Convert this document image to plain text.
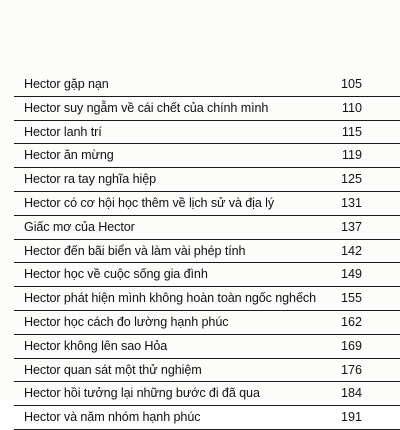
Hector gặp nạn	105
Hector suy ngẫm về cái chết của chính mình	110
Hector lanh trí	115
Hector ăn mừng	119
Hector ra tay nghĩa hiệp	125
Hector có cơ hội học thêm về lịch sử và địa lý	131
Giấc mơ của Hector	137
Hector đến bãi biển và làm vài phép tính	142
Hector học về cuộc sống gia đình	149
Hector phát hiện mình không hoàn toàn ngốc nghếch	155
Hector học cách đo lường hạnh phúc	162
Hector không lên sao Hỏa	169
Hector quan sát một thử nghiệm	176
Hector hồi tưởng lại những bước đi đã qua	184
Hector và năm nhóm hạnh phúc	191
